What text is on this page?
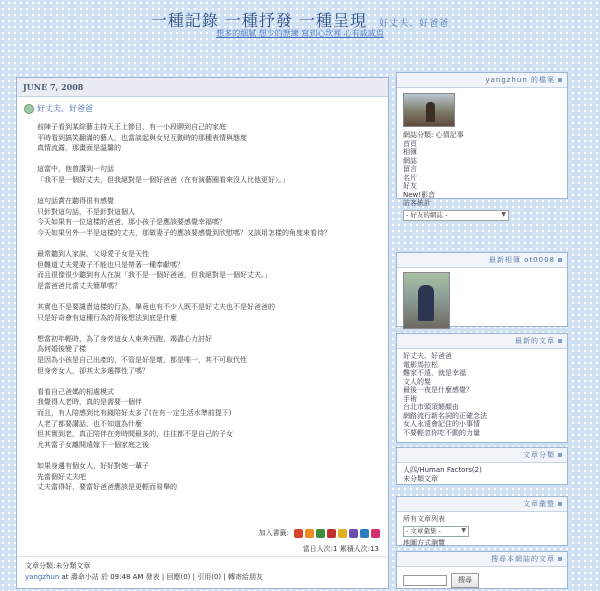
一種記錄 一種抒發 一種呈現 好丈夫、好爸爸
想多的細膩 想少的歷練 寫到心坎裡 心有戚戚焉
JUNE 7, 2008
好丈夫、好爸爸

前陣子看到某綜藝主持天王上節目，有一小段聊到自己的家庭
平時看到搞笑翻滿的藝人，也當談起與女兒互動時的那種表情與態度
真情流露，那畫面是溫馨的

這當中，他曾講到一句話
「我不是一個好丈夫，但我絕對是一個好爸爸（在有演藝圈看來沒人比他更好）。」

這句話賞在聽得很有感覺
只針對這句話，不是針對這個人
今天如果有一位這樣的爸爸，那小孩子是應該要感覺幸福嗎？
今天如果另外一半是這樣的丈夫，那做妻子的應該要感覺到欣慰嗎？又該用怎樣的角度來看待？

最常聽到人家說，父母愛子女是天性
但難道丈夫愛妻子不能也只是帶著一種奉獻嗎？
而且很像很少聽到有人在說「我不是一個好爸爸，但我絕對是一個好丈夫。」
是當爸爸比當丈夫簡單嗎？

其實也不是要譴責這樣的行為，畢竟也有不少人既不是好丈夫也不是好爸爸的
只是好奇會有這種行為的背後想法到底是什麼

想當初年輕時，為了身旁這女人東奔西跑，竭盡心力討好
為何婚後變了樣
是因為小孩是自己出產的，不管是好是壞，都是唯一，其不可取代性
但身旁女人，卻其太多選擇性了嗎？

看看自己爸媽的相處模式
我覺得人老時，真的是需要一個伴
而且，有人陪感到比有錢陪好太多了(在有一定生活水準前提下)
人老了都要講話，也不知道為什麼
但其實到老，真正陪伴在旁時間最多的，往往都不是自己的子女
尤其當子女離開遠嫁下一個家庭之後

如果身邊有個女人，好好對她一輩子
先當個好丈夫吧
丈夫當得好，要當好爸爸應該是更輕而易舉的

加入書籤:
當日人次:1 累積人次:13
文章分類:未分類文章
yangzhun at 壽命小站 於 09:48 AM 發表 | 回應(0) | 引用(0) | 轉寄給朋友
yangzhun 的檔案
網誌分類: 心情記事
首頁
相簿
網誌
留言
名片
好友
New!影音
訪客統計
- 好友的網誌 -	▼
最新相簿 ot0008
最新的文章
好丈夫、好爸爸
電影馬拉松
難家不遠，就是幸福
文人的髮
最後一夜是什麼感覺？
手術
台北市頭須額顏由
網路流行新名詞的正確念法
女人永遠會記住的小事情
不要輕忽你吃不動的力量
文章分類
人四/Human Factors(2)
未分類文章
文章彙整
所有文章列表
- 文章彙集 -	▼
地圖方式瀏覽
搜尋本網誌的文章
搜尋
